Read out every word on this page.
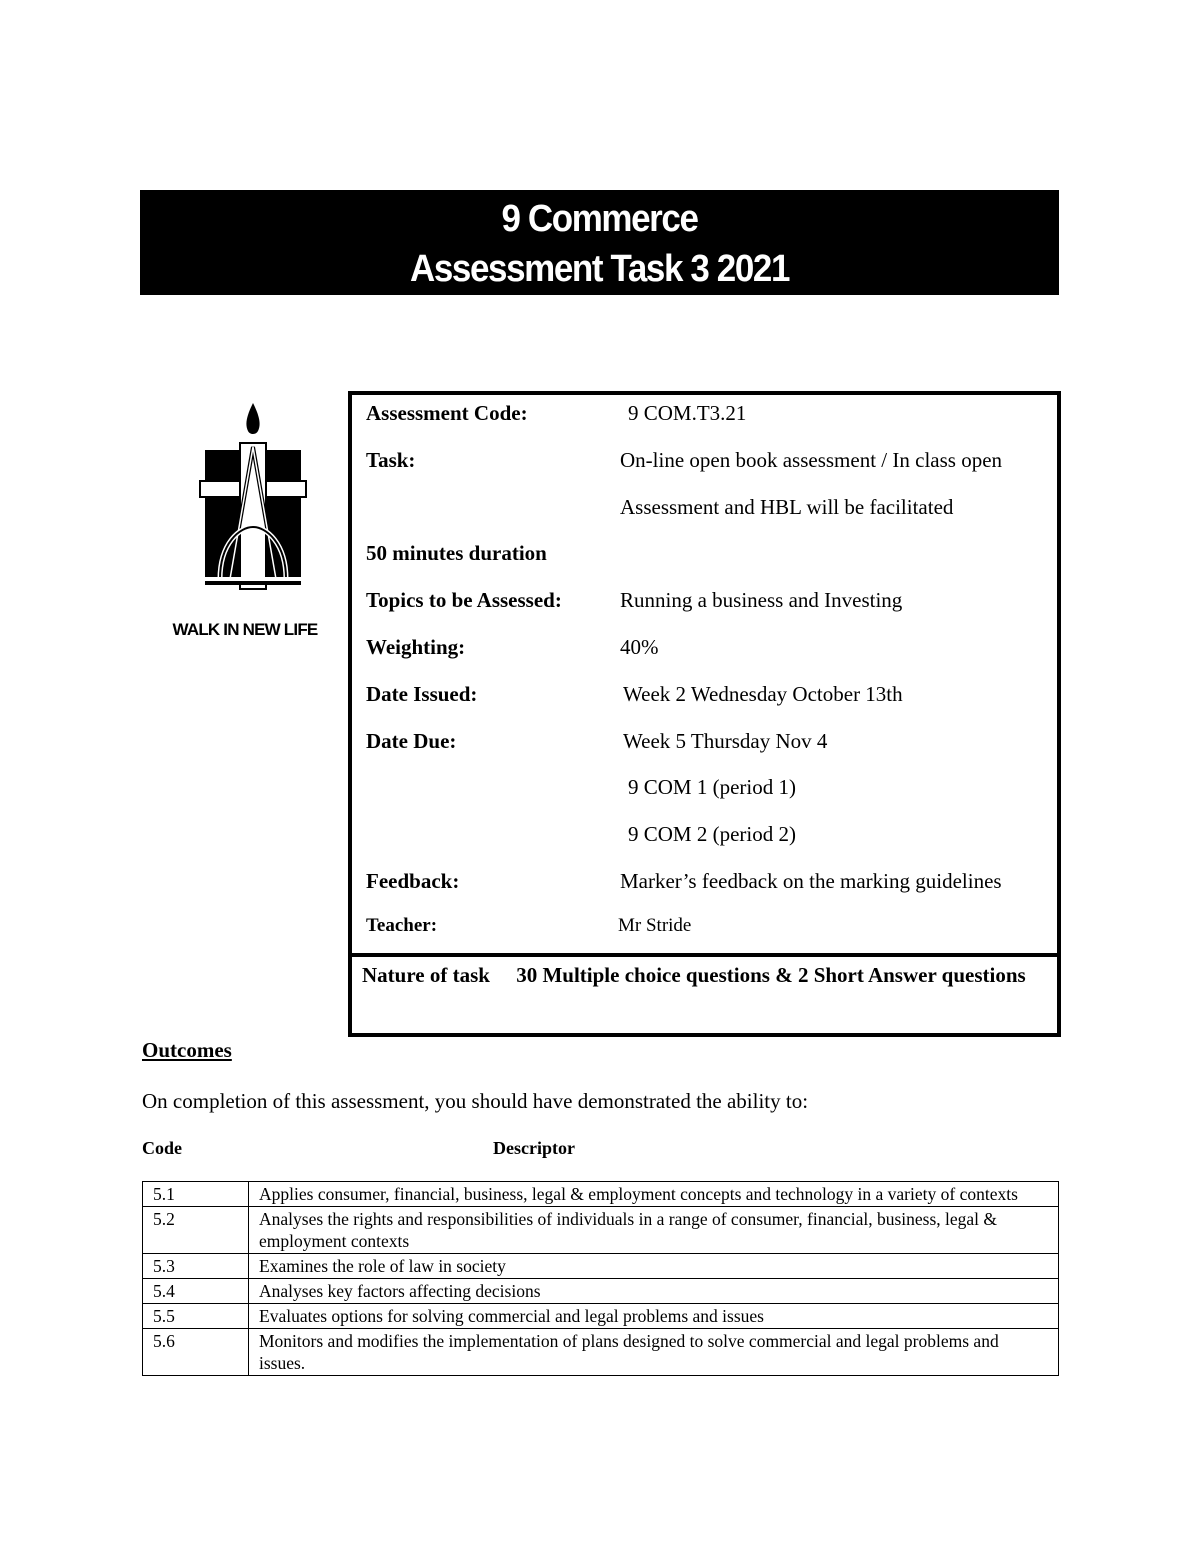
9 Commerce
Assessment Task 3 2021
WALK IN NEW LIFE
Assessment Code:	9 COM.T3.21
Task:	On-line open book assessment / In class open
Assessment and HBL will be facilitated
50 minutes duration
Topics to be Assessed:	Running a business and Investing
Weighting:	40%
Date Issued:	Week 2 Wednesday October 13th
Date Due:	Week 5 Thursday Nov 4
9 COM 1 (period 1)
9 COM 2 (period 2)
Feedback:	Marker’s feedback on the marking guidelines
Teacher:	Mr Stride
Nature of task 30 Multiple choice questions & 2 Short Answer questions
Outcomes
On completion of this assessment, you should have demonstrated the ability to:
Code	Descriptor
5.1	Applies consumer, financial, business, legal & employment concepts and technology in a variety of contexts
5.2	Analyses the rights and responsibilities of individuals in a range of consumer, financial, business, legal & employment contexts
5.3	Examines the role of law in society
5.4	Analyses key factors affecting decisions
5.5	Evaluates options for solving commercial and legal problems and issues
5.6	Monitors and modifies the implementation of plans designed to solve commercial and legal problems and issues.
